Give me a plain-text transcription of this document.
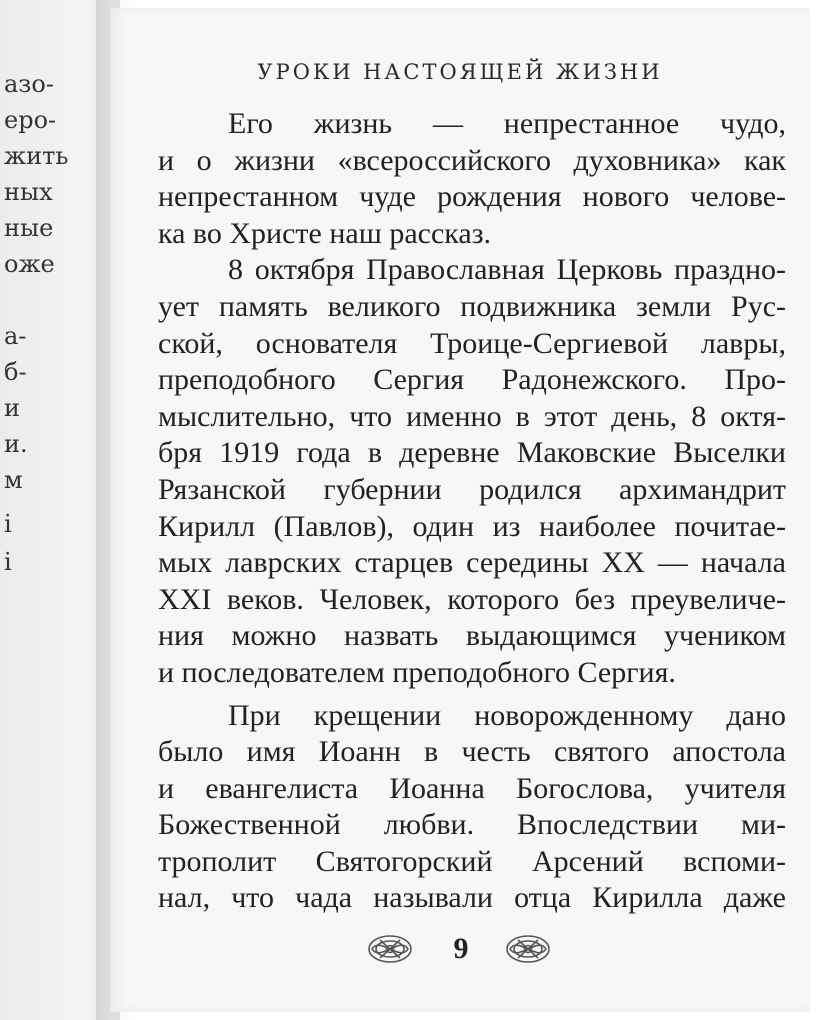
азо-
еро-
жить
ных
ные
оже
а-
б-
и
и.
м
і
і
УРОКИ НАСТОЯЩЕЙ ЖИЗНИ

Его жизнь — непрестанное чудо,

и о жизни «всероссийского духовника» как

непрестанном чуде рождения нового челове-

ка во Христе наш рассказ.

8 октября Православная Церковь праздно-

ует память великого подвижника земли Рус-

ской, основателя Троице-Сергиевой лавры,

преподобного Сергия Радонежского. Про-

мыслительно, что именно в этот день, 8 октя-

бря 1919 года в деревне Маковские Выселки

Рязанской губернии родился архимандрит

Кирилл (Павлов), один из наиболее почитае-

мых лаврских старцев середины XX — начала

XXI веков. Человек, которого без преувеличе-

ния можно назвать выдающимся учеником

и последователем преподобного Сергия.

При крещении новорожденному дано

было имя Иоанн в честь святого апостола

и евангелиста Иоанна Богослова, учителя

Божественной любви. Впоследствии ми-

трополит Святогорский Арсений вспоми-

нал, что чада называли отца Кирилла даже

9
